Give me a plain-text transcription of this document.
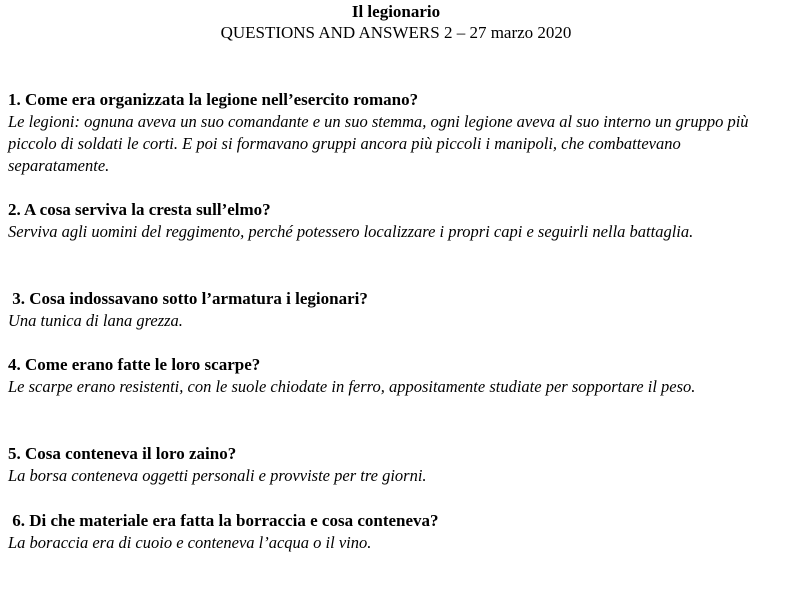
Il legionario
QUESTIONS AND ANSWERS 2 – 27 marzo 2020
1. Come era organizzata la legione nell’esercito romano?
Le legioni: ognuna aveva un suo comandante e un suo stemma, ogni legione aveva al suo interno un gruppo più piccolo di soldati le corti. E poi si formavano gruppi ancora più piccoli i manipoli, che combattevano separatamente.
2. A cosa serviva la cresta sull’elmo?
Serviva agli uomini del reggimento, perché potessero localizzare i propri capi e seguirli nella battaglia.
3. Cosa indossavano sotto l’armatura i legionari?
Una tunica di lana grezza.
4. Come erano fatte le loro scarpe?
Le scarpe erano resistenti, con le suole chiodate in ferro, appositamente studiate per sopportare il peso.
5. Cosa conteneva il loro zaino?
La borsa conteneva oggetti personali e provviste per tre giorni.
6. Di che materiale era fatta la borraccia e cosa conteneva?
La boraccia era di cuoio e conteneva l’acqua o il vino.
